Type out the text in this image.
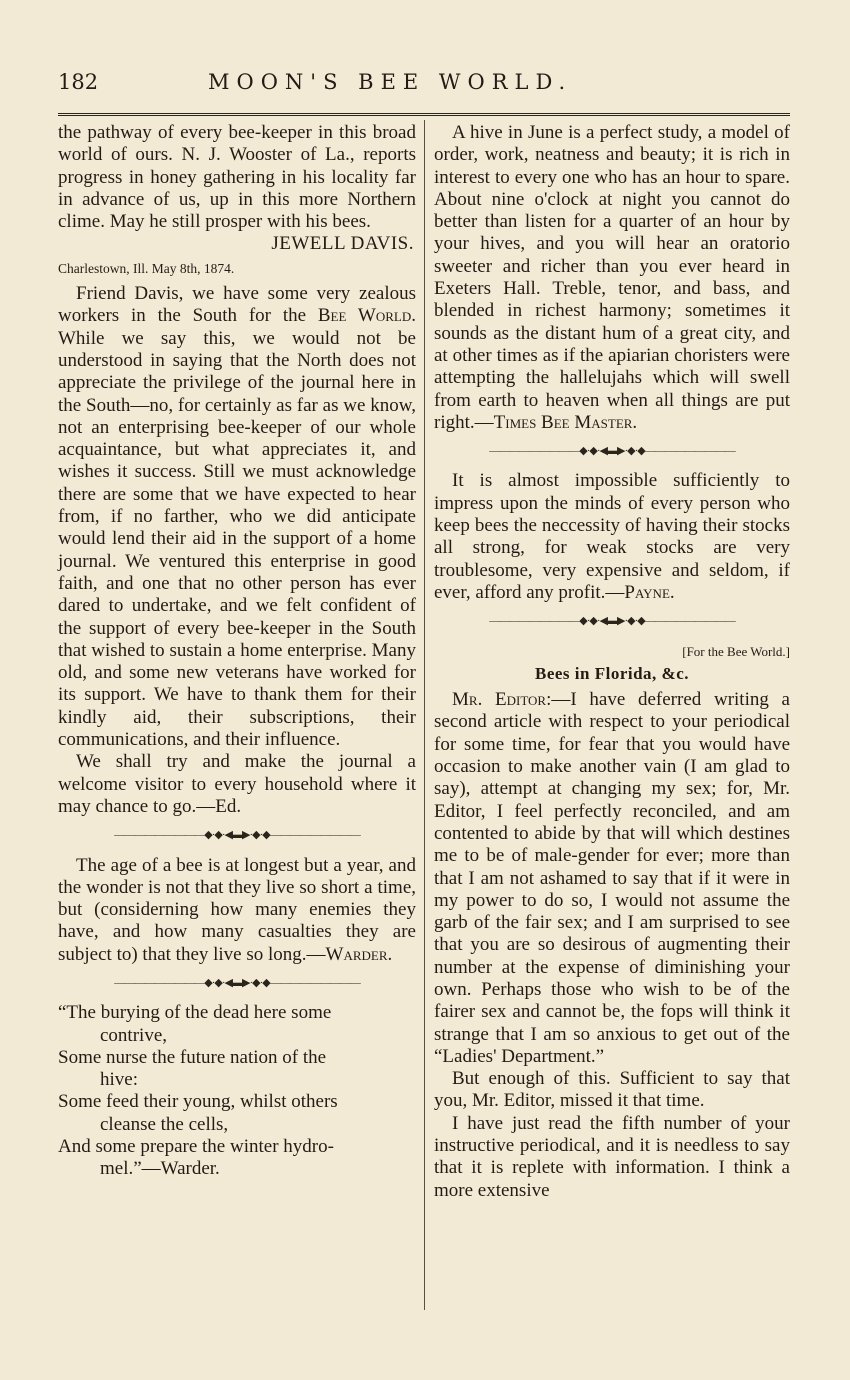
182	MOON'S BEE WORLD.

the pathway of every bee-keeper in this broad world of ours. N. J. Wooster of La., reports progress in honey gathering in his locality far in advance of us, up in this more Northern clime. May he still prosper with his bees.

JEWELL DAVIS.

Charlestown, Ill. May 8th, 1874.

Friend Davis, we have some very zealous workers in the South for the Bee World. While we say this, we would not be understood in saying that the North does not appreciate the privilege of the journal here in the South—no, for certainly as far as we know, not an enterprising bee-keeper of our whole acquaintance, but what appreciates it, and wishes it success. Still we must acknowledge there are some that we have expected to hear from, if no farther, who we did anticipate would lend their aid in the support of a home journal. We ventured this enterprise in good faith, and one that no other person has ever dared to undertake, and we felt confident of the support of every bee-keeper in the South that wished to sustain a home enterprise. Many old, and some new veterans have worked for its support. We have to thank them for their kindly aid, their subscriptions, their communications, and their influence.

We shall try and make the journal a welcome visitor to every household where it may chance to go.—Ed.

—————————◆·◆·◀▬▶·◆·◆—————————

The age of a bee is at longest but a year, and the wonder is not that they live so short a time, but (considerning how many enemies they have, and how many casualties they are subject to) that they live so long.—Warder.

—————————◆·◆·◀▬▶·◆·◆—————————
“The burying of the dead here some
contrive,
Some nurse the future nation of the
hive:
Some feed their young, whilst others
cleanse the cells,
And some prepare the winter hydro-
mel.”—Warder.

A hive in June is a perfect study, a model of order, work, neatness and beauty; it is rich in interest to every one who has an hour to spare. About nine o'clock at night you cannot do better than listen for a quarter of an hour by your hives, and you will hear an oratorio sweeter and richer than you ever heard in Exeters Hall. Treble, tenor, and bass, and blended in richest harmony; sometimes it sounds as the distant hum of a great city, and at other times as if the apiarian choristers were attempting the hallelujahs which will swell from earth to heaven when all things are put right.—Times Bee Master.

—————————◆·◆·◀▬▶·◆·◆—————————

It is almost impossible sufficiently to impress upon the minds of every person who keep bees the neccessity of having their stocks all strong, for weak stocks are very troublesome, very expensive and seldom, if ever, afford any profit.—Payne.

—————————◆·◆·◀▬▶·◆·◆—————————

[For the Bee World.]

Bees in Florida, &c.

Mr. Editor:—I have deferred writing a second article with respect to your periodical for some time, for fear that you would have occasion to make another vain (I am glad to say), attempt at changing my sex; for, Mr. Editor, I feel perfectly reconciled, and am contented to abide by that will which destines me to be of male-gender for ever; more than that I am not ashamed to say that if it were in my power to do so, I would not assume the garb of the fair sex; and I am surprised to see that you are so desirous of augmenting their number at the expense of diminishing your own. Perhaps those who wish to be of the fairer sex and cannot be, the fops will think it strange that I am so anxious to get out of the “Ladies' Department.”

But enough of this. Sufficient to say that you, Mr. Editor, missed it that time.

I have just read the fifth number of your instructive periodical, and it is needless to say that it is replete with information. I think a more extensive
